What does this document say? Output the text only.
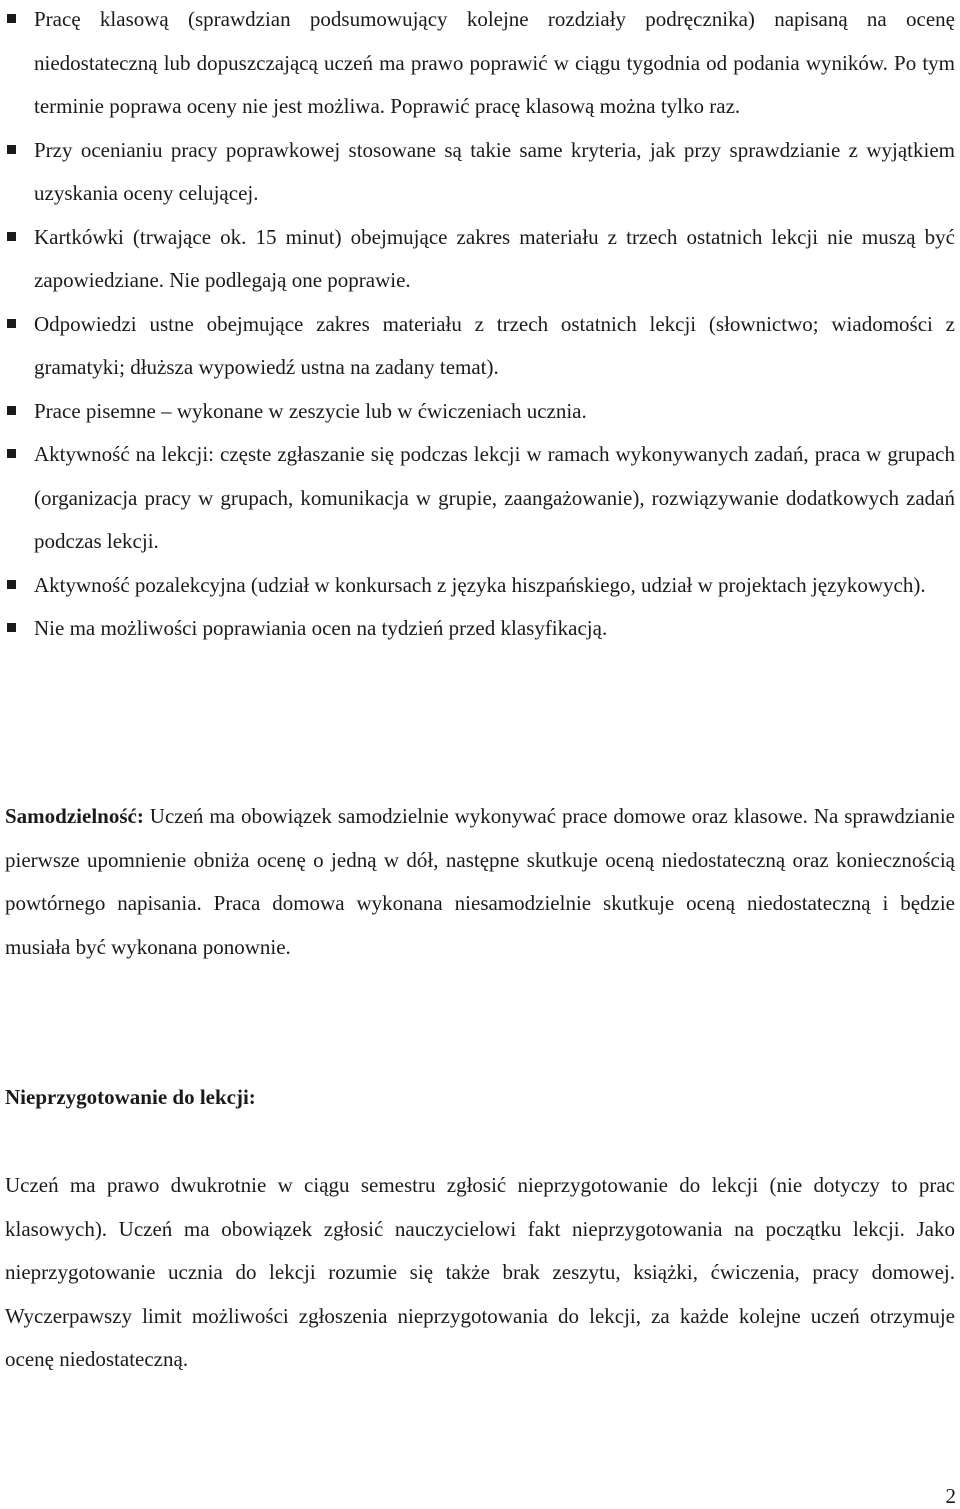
Pracę klasową (sprawdzian podsumowujący kolejne rozdziały podręcznika) napisaną na ocenę niedostateczną lub dopuszczającą uczeń ma prawo poprawić w ciągu tygodnia od podania wyników. Po tym terminie poprawa oceny nie jest możliwa. Poprawić pracę klasową można tylko raz.
Przy ocenianiu pracy poprawkowej stosowane są takie same kryteria, jak przy sprawdzianie z wyjątkiem uzyskania oceny celującej.
Kartkówki (trwające ok. 15 minut) obejmujące zakres materiału z trzech ostatnich lekcji nie muszą być zapowiedziane. Nie podlegają one poprawie.
Odpowiedzi ustne obejmujące zakres materiału z trzech ostatnich lekcji (słownictwo; wiadomości z gramatyki; dłuższa wypowiedź ustna na zadany temat).
Prace pisemne – wykonane w zeszycie lub w ćwiczeniach ucznia.
Aktywność na lekcji: częste zgłaszanie się podczas lekcji w ramach wykonywanych zadań, praca w grupach (organizacja pracy w grupach, komunikacja w grupie, zaangażowanie), rozwiązywanie dodatkowych zadań podczas lekcji.
Aktywność pozalekcyjna (udział w konkursach z języka hiszpańskiego, udział w projektach językowych).
Nie ma możliwości poprawiania ocen na tydzień przed klasyfikacją.

Samodzielność: Uczeń ma obowiązek samodzielnie wykonywać prace domowe oraz klasowe. Na sprawdzianie pierwsze upomnienie obniża ocenę o jedną w dół, następne skutkuje oceną niedostateczną oraz koniecznością powtórnego napisania. Praca domowa wykonana niesamodzielnie skutkuje oceną niedostateczną i będzie musiała być wykonana ponownie.

Nieprzygotowanie do lekcji:

Uczeń ma prawo dwukrotnie w ciągu semestru zgłosić nieprzygotowanie do lekcji (nie dotyczy to prac klasowych). Uczeń ma obowiązek zgłosić nauczycielowi fakt nieprzygotowania na początku lekcji. Jako nieprzygotowanie ucznia do lekcji rozumie się także brak zeszytu, książki, ćwiczenia, pracy domowej. Wyczerpawszy limit możliwości zgłoszenia nieprzygotowania do lekcji, za każde kolejne uczeń otrzymuje ocenę niedostateczną.

2
